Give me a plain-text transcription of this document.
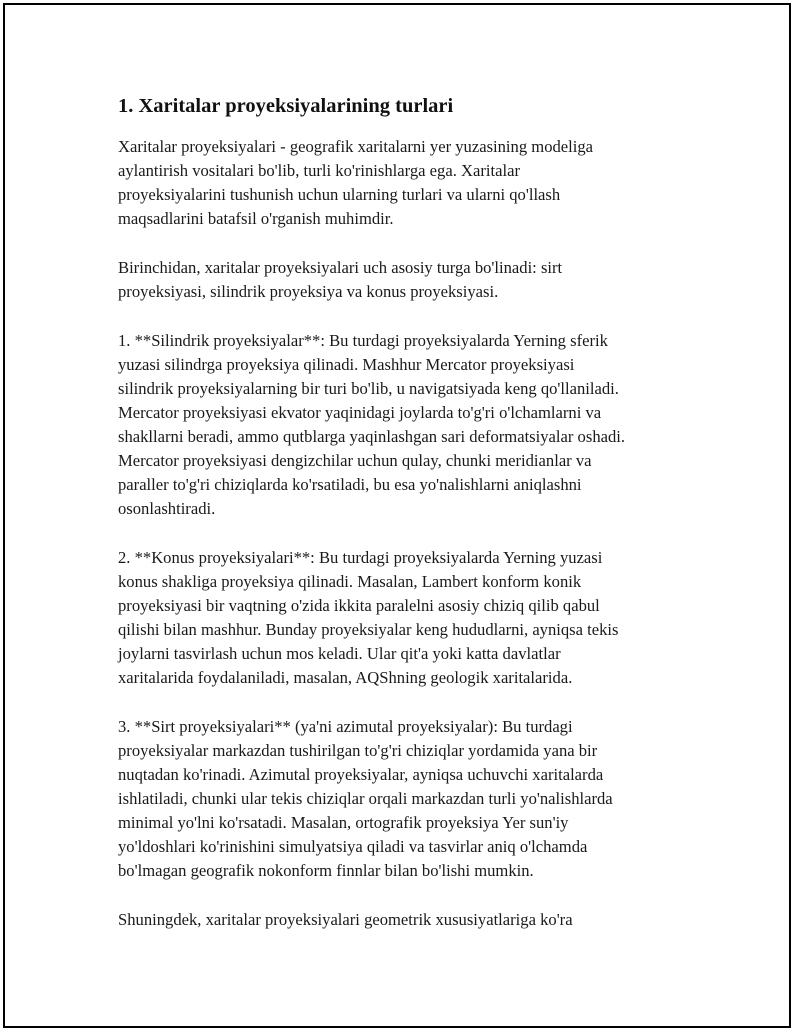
1. Xaritalar proyeksiyalarining turlari

Xaritalar proyeksiyalari - geografik xaritalarni yer yuzasining modeliga
aylantirish vositalari bo'lib, turli ko'rinishlarga ega. Xaritalar
proyeksiyalarini tushunish uchun ularning turlari va ularni qo'llash
maqsadlarini batafsil o'rganish muhimdir.

Birinchidan, xaritalar proyeksiyalari uch asosiy turga bo'linadi: sirt
proyeksiyasi, silindrik proyeksiya va konus proyeksiyasi.

1. **Silindrik proyeksiyalar**: Bu turdagi proyeksiyalarda Yerning sferik
yuzasi silindrga proyeksiya qilinadi. Mashhur Mercator proyeksiyasi
silindrik proyeksiyalarning bir turi bo'lib, u navigatsiyada keng qo'llaniladi.
Mercator proyeksiyasi ekvator yaqinidagi joylarda to'g'ri o'lchamlarni va
shakllarni beradi, ammo qutblarga yaqinlashgan sari deformatsiyalar oshadi.
Mercator proyeksiyasi dengizchilar uchun qulay, chunki meridianlar va
paraller to'g'ri chiziqlarda ko'rsatiladi, bu esa yo'nalishlarni aniqlashni
osonlashtiradi.

2. **Konus proyeksiyalari**: Bu turdagi proyeksiyalarda Yerning yuzasi
konus shakliga proyeksiya qilinadi. Masalan, Lambert konform konik
proyeksiyasi bir vaqtning o'zida ikkita paralelni asosiy chiziq qilib qabul
qilishi bilan mashhur. Bunday proyeksiyalar keng hududlarni, ayniqsa tekis
joylarni tasvirlash uchun mos keladi. Ular qit'a yoki katta davlatlar
xaritalarida foydalaniladi, masalan, AQShning geologik xaritalarida.

3. **Sirt proyeksiyalari** (ya'ni azimutal proyeksiyalar): Bu turdagi
proyeksiyalar markazdan tushirilgan to'g'ri chiziqlar yordamida yana bir
nuqtadan ko'rinadi. Azimutal proyeksiyalar, ayniqsa uchuvchi xaritalarda
ishlatiladi, chunki ular tekis chiziqlar orqali markazdan turli yo'nalishlarda
minimal yo'lni ko'rsatadi. Masalan, ortografik proyeksiya Yer sun'iy
yo'ldoshlari ko'rinishini simulyatsiya qiladi va tasvirlar aniq o'lchamda
bo'lmagan geografik nokonform finnlar bilan bo'lishi mumkin.

Shuningdek, xaritalar proyeksiyalari geometrik xususiyatlariga ko'ra
